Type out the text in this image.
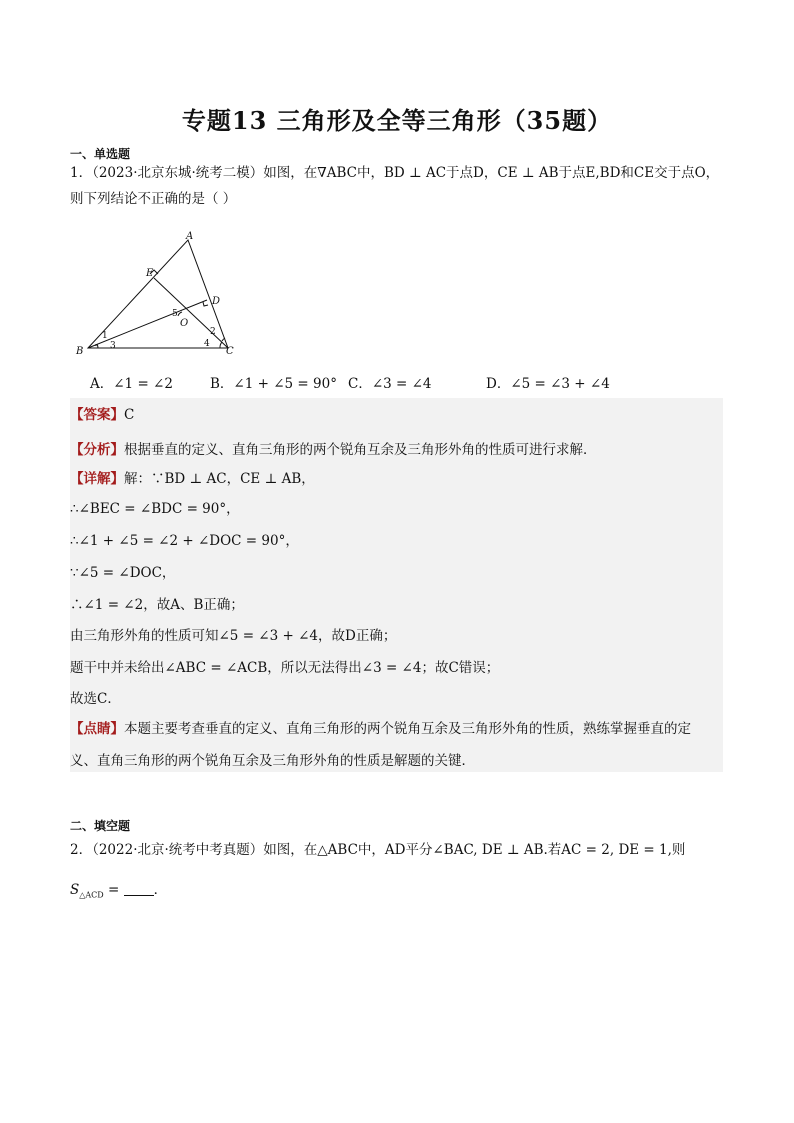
专题13 三角形及全等三角形（35题）
一、单选题
1．（2023·北京东城·统考二模）如图，在∇ABC中，BD ⊥ AC于点D，CE ⊥ AB于点E,BD和CE交于点O，
则下列结论不正确的是（ ）
A
B	C
D
E
O
1	2
3	4
5
A．∠1 = ∠2	B．∠1 + ∠5 = 90° C．∠3 = ∠4	D．∠5 = ∠3 + ∠4
【答案】C
【分析】根据垂直的定义、直角三角形的两个锐角互余及三角形外角的性质可进行求解．
【详解】解：∵BD ⊥ AC，CE ⊥ AB，
∴∠BEC = ∠BDC = 90°，
∴∠1 + ∠5 = ∠2 + ∠DOC = 90°，
∵∠5 = ∠DOC，
∴∠1 = ∠2，故A、B正确；
由三角形外角的性质可知∠5 = ∠3 + ∠4，故D正确；
题干中并未给出∠ABC = ∠ACB，所以无法得出∠3 = ∠4；故C错误；
故选C．
【点睛】本题主要考查垂直的定义、直角三角形的两个锐角互余及三角形外角的性质，熟练掌握垂直的定
义、直角三角形的两个锐角互余及三角形外角的性质是解题的关键．
二、填空题
2．（2022·北京·统考中考真题）如图，在△ABC中，AD平分∠BAC, DE ⊥ AB.若AC = 2, DE = 1,则
$S_{\triangle ACD}$ = ．
